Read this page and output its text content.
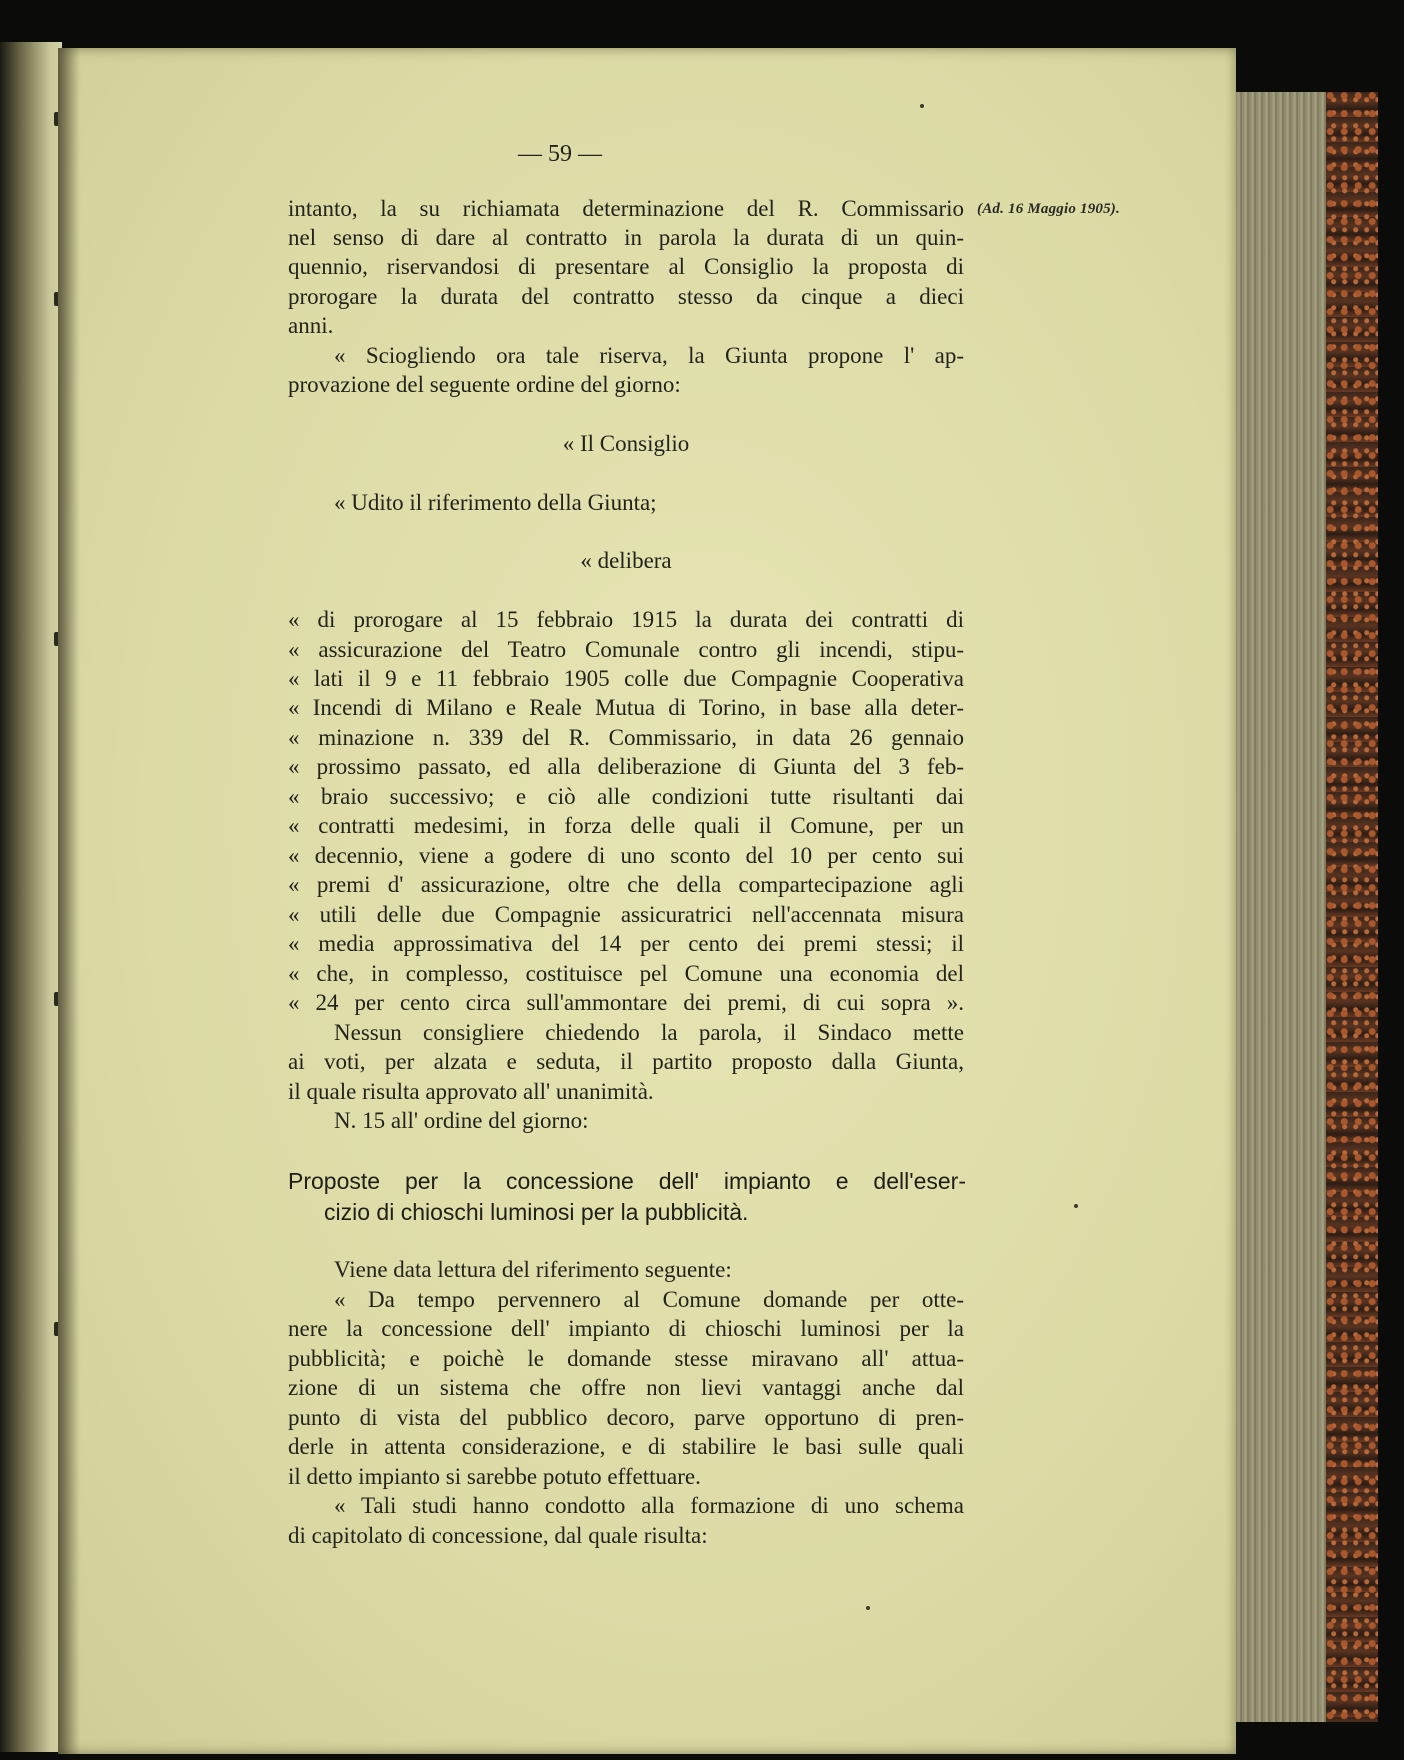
— 59 —
(Ad. 16 Maggio 1905).
intanto, la su richiamata determinazione del R. Commissario
nel senso di dare al contratto in parola la durata di un quin-
quennio, riservandosi di presentare al Consiglio la proposta di
prorogare la durata del contratto stesso da cinque a dieci
anni.
« Sciogliendo ora tale riserva, la Giunta propone l' ap-
provazione del seguente ordine del giorno:
« Il Consiglio
« Udito il riferimento della Giunta;
« delibera
« di prorogare al 15 febbraio 1915 la durata dei contratti di
« assicurazione del Teatro Comunale contro gli incendi, stipu-
« lati il 9 e 11 febbraio 1905 colle due Compagnie Cooperativa
« Incendi di Milano e Reale Mutua di Torino, in base alla deter-
« minazione n. 339 del R. Commissario, in data 26 gennaio
« prossimo passato, ed alla deliberazione di Giunta del 3 feb-
« braio successivo; e ciò alle condizioni tutte risultanti dai
« contratti medesimi, in forza delle quali il Comune, per un
« decennio, viene a godere di uno sconto del 10 per cento sui
« premi d' assicurazione, oltre che della compartecipazione agli
« utili delle due Compagnie assicuratrici nell'accennata misura
« media approssimativa del 14 per cento dei premi stessi; il
« che, in complesso, costituisce pel Comune una economia del
« 24 per cento circa sull'ammontare dei premi, di cui sopra ».
Nessun consigliere chiedendo la parola, il Sindaco mette
ai voti, per alzata e seduta, il partito proposto dalla Giunta,
il quale risulta approvato all' unanimità.
N. 15 all' ordine del giorno:
Viene data lettura del riferimento seguente:
« Da tempo pervennero al Comune domande per otte-
nere la concessione dell' impianto di chioschi luminosi per la
pubblicità; e poichè le domande stesse miravano all' attua-
zione di un sistema che offre non lievi vantaggi anche dal
punto di vista del pubblico decoro, parve opportuno di pren-
derle in attenta considerazione, e di stabilire le basi sulle quali
il detto impianto si sarebbe potuto effettuare.
« Tali studi hanno condotto alla formazione di uno schema
di capitolato di concessione, dal quale risulta:
Proposte per la concessione dell' impianto e dell'eser-
cizio di chioschi luminosi per la pubblicità.
